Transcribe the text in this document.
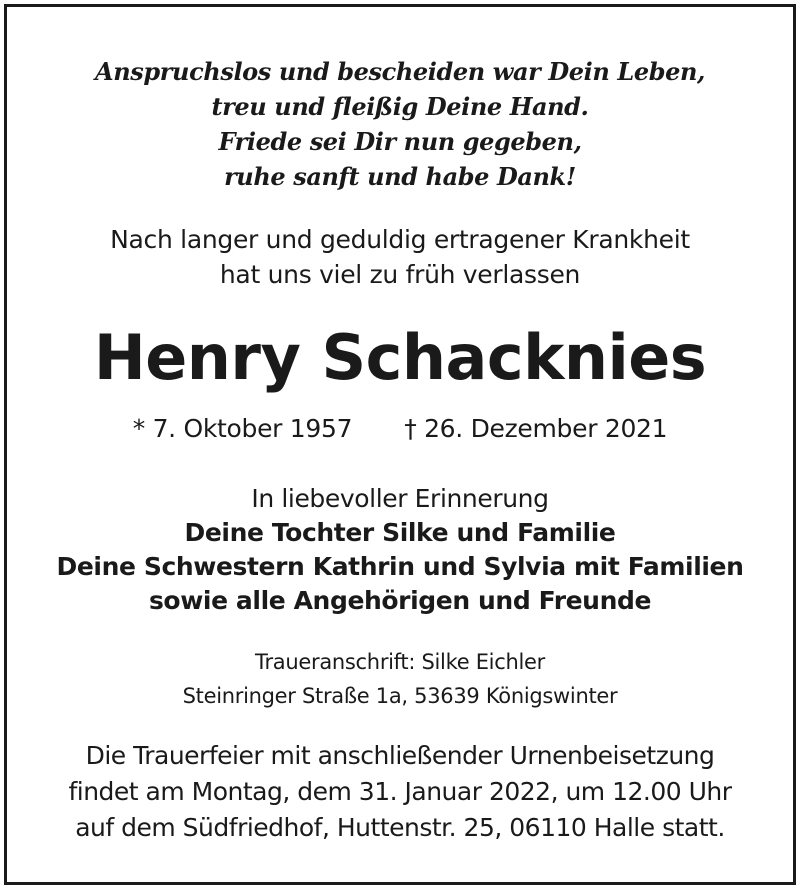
Anspruchslos und bescheiden war Dein Leben,
treu und fleißig Deine Hand.
Friede sei Dir nun gegeben,
ruhe sanft und habe Dank!
Nach langer und geduldig ertragener Krankheit
hat uns viel zu früh verlassen
Henry Schacknies
* 7. Oktober 1957 † 26. Dezember 2021
In liebevoller Erinnerung
Deine Tochter Silke und Familie
Deine Schwestern Kathrin und Sylvia mit Familien
sowie alle Angehörigen und Freunde
Traueranschrift: Silke Eichler
Steinringer Straße 1a, 53639 Königswinter
Die Trauerfeier mit anschließender Urnenbeisetzung
findet am Montag, dem 31. Januar 2022, um 12.00 Uhr
auf dem Südfriedhof, Huttenstr. 25, 06110 Halle statt.
